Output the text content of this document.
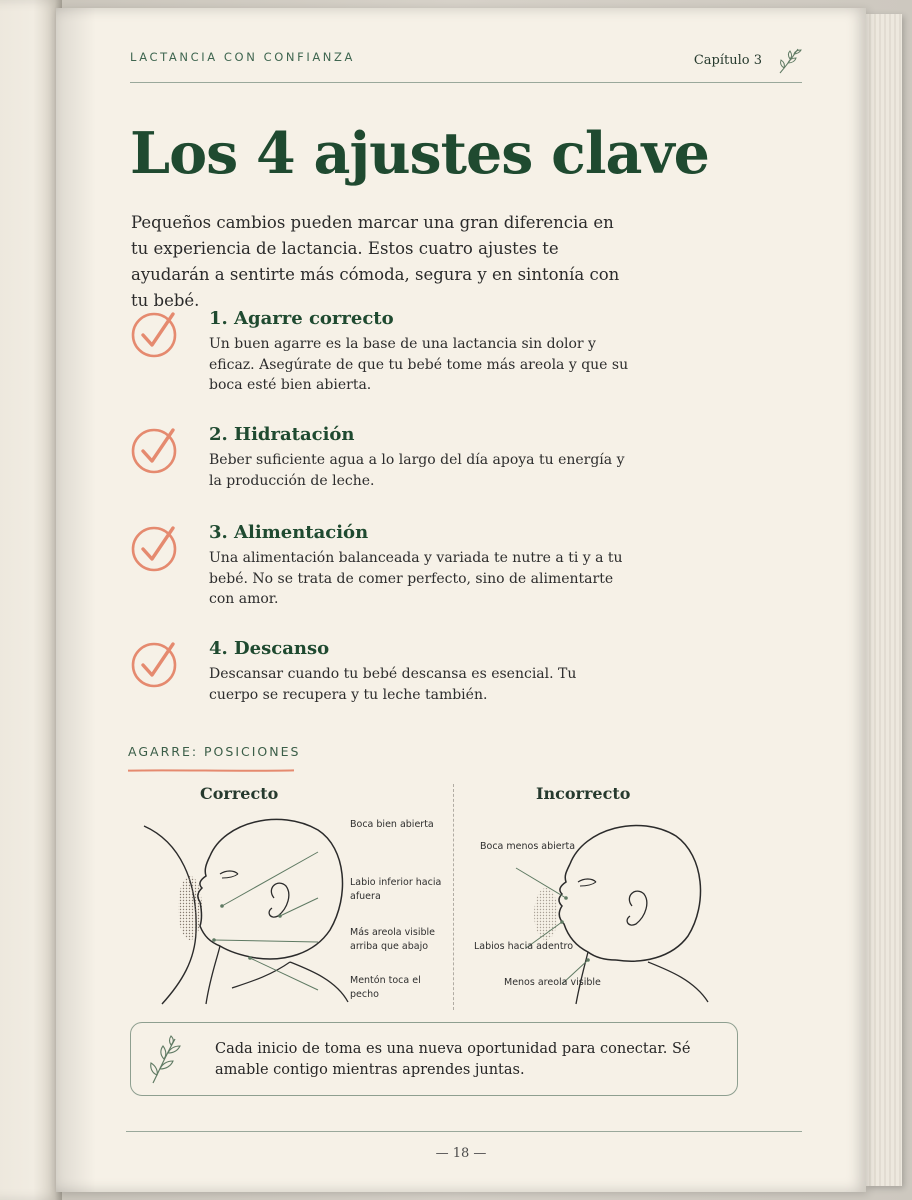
LACTANCIA CON CONFIANZA	Capítulo 3
Los 4 ajustes clave

Pequeños cambios pueden marcar una gran diferencia en tu experiencia de lactancia. Estos cuatro ajustes te ayudarán a sentirte más cómoda, segura y en sintonía con tu bebé.

1. Agarre correcto

Un buen agarre es la base de una lactancia sin dolor y eficaz. Asegúrate de que tu bebé tome más areola y que su boca esté bien abierta.

2. Hidratación

Beber suficiente agua a lo largo del día apoya tu energía y la producción de leche.

3. Alimentación

Una alimentación balanceada y variada te nutre a ti y a tu bebé. No se trata de comer perfecto, sino de alimentarte con amor.

4. Descanso

Descansar cuando tu bebé descansa es esencial. Tu cuerpo se recupera y tu leche también.

AGARRE: POSICIONES
Correcto
Boca bien abierta
Labio inferior hacia afuera
Más areola visible arriba que abajo
Mentón toca el pecho
Incorrecto
Boca menos abierta
Labios hacia adentro
Menos areola visible

Cada inicio de toma es una nueva oportunidad para conectar. Sé amable contigo mientras aprendes juntas.

— 18 —
